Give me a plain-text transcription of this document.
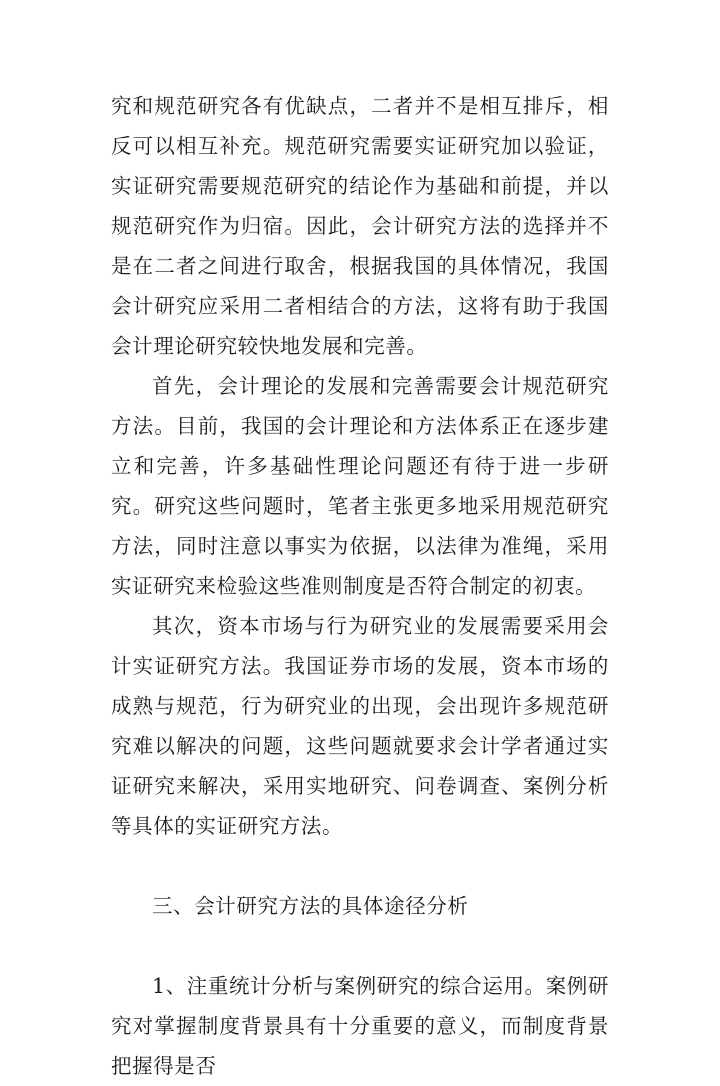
究和规范研究各有优缺点，二者并不是相互排斥，相反可以相互补充。规范研究需要实证研究加以验证，实证研究需要规范研究的结论作为基础和前提，并以规范研究作为归宿。因此，会计研究方法的选择并不是在二者之间进行取舍，根据我国的具体情况，我国会计研究应采用二者相结合的方法，这将有助于我国会计理论研究较快地发展和完善。

首先，会计理论的发展和完善需要会计规范研究方法。目前，我国的会计理论和方法体系正在逐步建立和完善，许多基础性理论问题还有待于进一步研究。研究这些问题时，笔者主张更多地采用规范研究方法，同时注意以事实为依据，以法律为准绳，采用实证研究来检验这些准则制度是否符合制定的初衷。

其次，资本市场与行为研究业的发展需要采用会计实证研究方法。我国证券市场的发展，资本市场的成熟与规范，行为研究业的出现，会出现许多规范研究难以解决的问题，这些问题就要求会计学者通过实证研究来解决，采用实地研究、问卷调查、案例分析等具体的实证研究方法。

三、会计研究方法的具体途径分析

1、注重统计分析与案例研究的综合运用。案例研究对掌握制度背景具有十分重要的意义，而制度背景把握得是否
